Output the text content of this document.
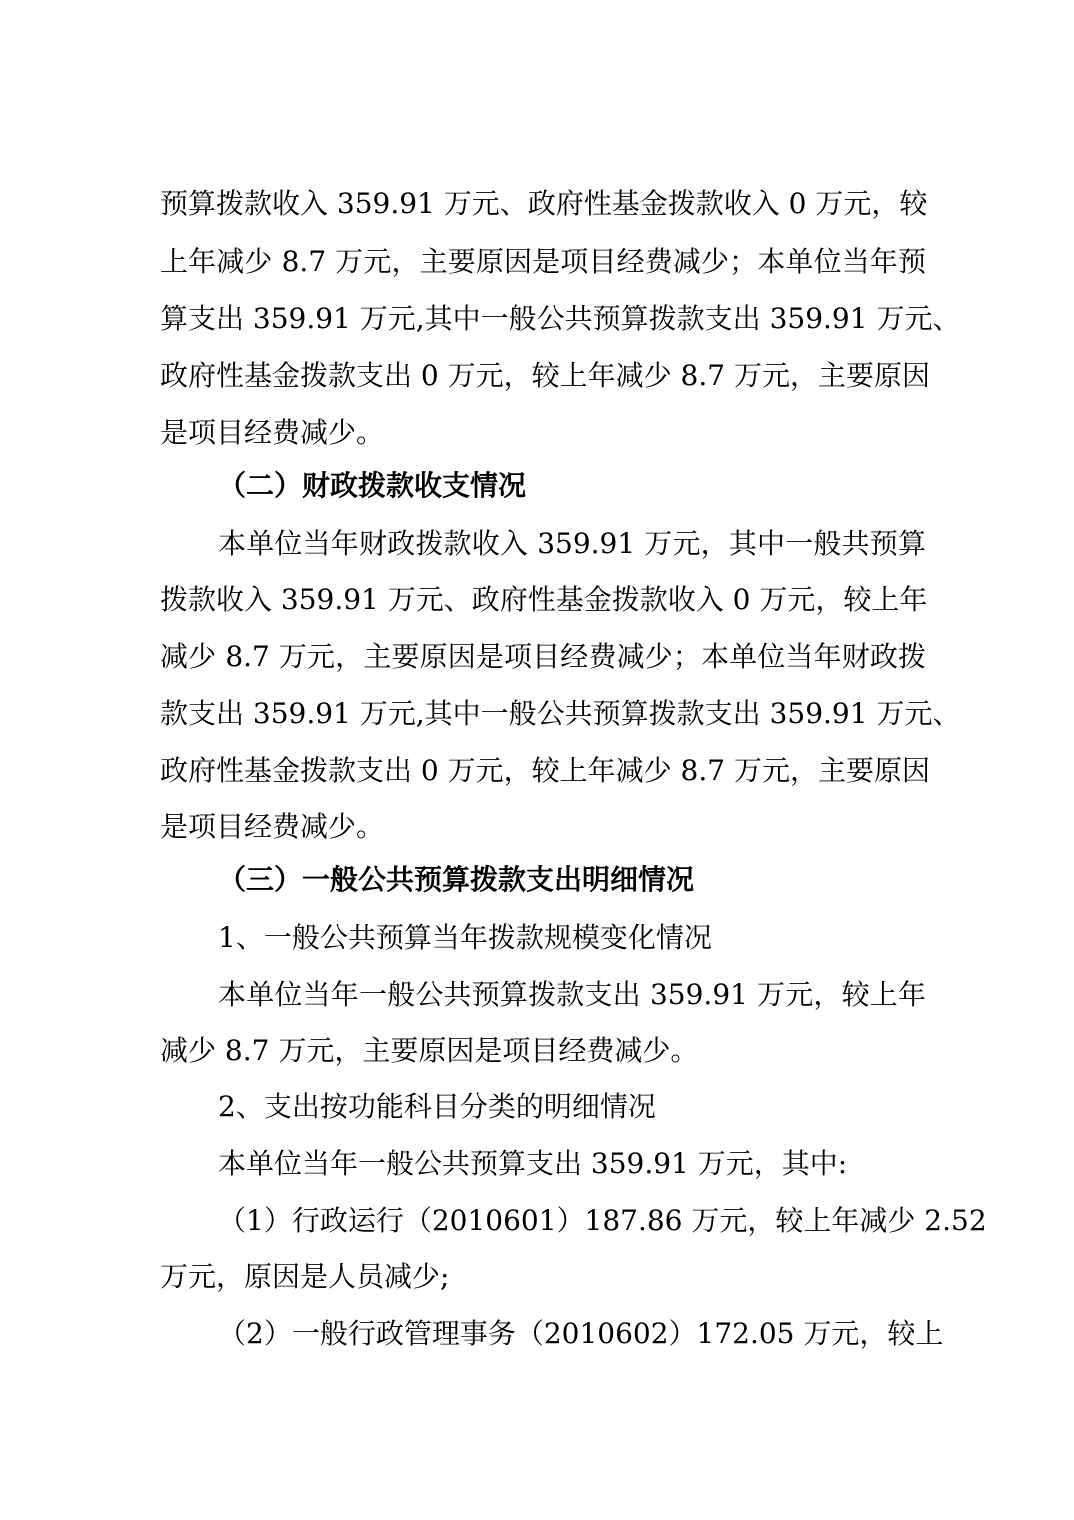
预算拨款收入 359.91 万元、政府性基金拨款收入 0 万元，较
上年减少 8.7 万元，主要原因是项目经费减少；本单位当年预
算支出 359.91 万元,其中一般公共预算拨款支出 359.91 万元、
政府性基金拨款支出 0 万元，较上年减少 8.7 万元，主要原因
是项目经费减少。
（二）财政拨款收支情况
本单位当年财政拨款收入 359.91 万元，其中一般共预算
拨款收入 359.91 万元、政府性基金拨款收入 0 万元，较上年
减少 8.7 万元，主要原因是项目经费减少；本单位当年财政拨
款支出 359.91 万元,其中一般公共预算拨款支出 359.91 万元、
政府性基金拨款支出 0 万元，较上年减少 8.7 万元，主要原因
是项目经费减少。
（三）一般公共预算拨款支出明细情况
1、一般公共预算当年拨款规模变化情况
本单位当年一般公共预算拨款支出 359.91 万元，较上年
减少 8.7 万元，主要原因是项目经费减少。
2、支出按功能科目分类的明细情况
本单位当年一般公共预算支出 359.91 万元，其中:
（1）行政运行（2010601）187.86 万元，较上年减少 2.52
万元，原因是人员减少;
（2）一般行政管理事务（2010602）172.05 万元，较上
